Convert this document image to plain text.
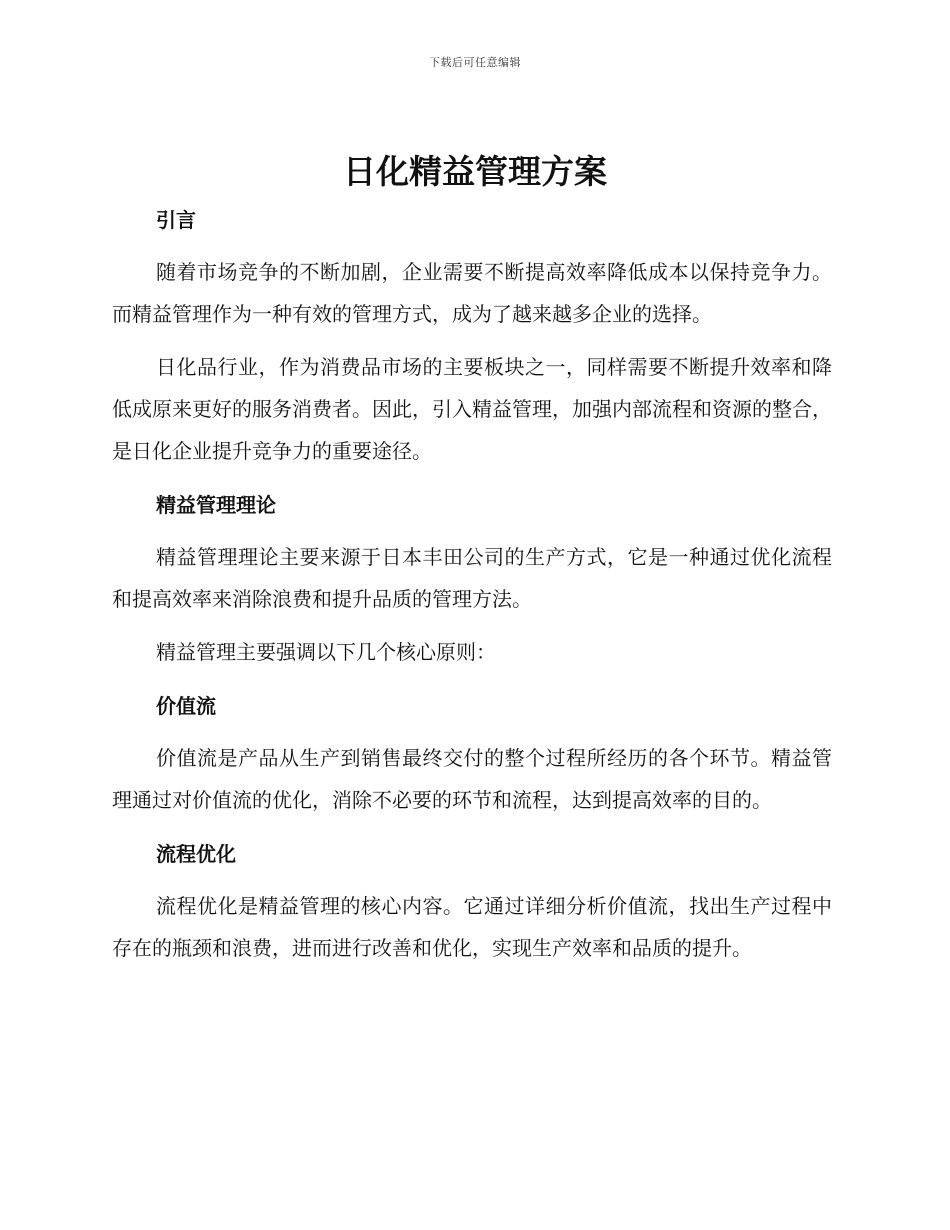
下载后可任意编辑
日化精益管理方案
引言

随着市场竞争的不断加剧，企业需要不断提高效率降低成本以保持竞争力。而精益管理作为一种有效的管理方式，成为了越来越多企业的选择。

日化品行业，作为消费品市场的主要板块之一，同样需要不断提升效率和降低成原来更好的服务消费者。因此，引入精益管理，加强内部流程和资源的整合，是日化企业提升竞争力的重要途径。

精益管理理论

精益管理理论主要来源于日本丰田公司的生产方式，它是一种通过优化流程和提高效率来消除浪费和提升品质的管理方法。

精益管理主要强调以下几个核心原则：

价值流

价值流是产品从生产到销售最终交付的整个过程所经历的各个环节。精益管理通过对价值流的优化，消除不必要的环节和流程，达到提高效率的目的。

流程优化

流程优化是精益管理的核心内容。它通过详细分析价值流，找出生产过程中存在的瓶颈和浪费，进而进行改善和优化，实现生产效率和品质的提升。
